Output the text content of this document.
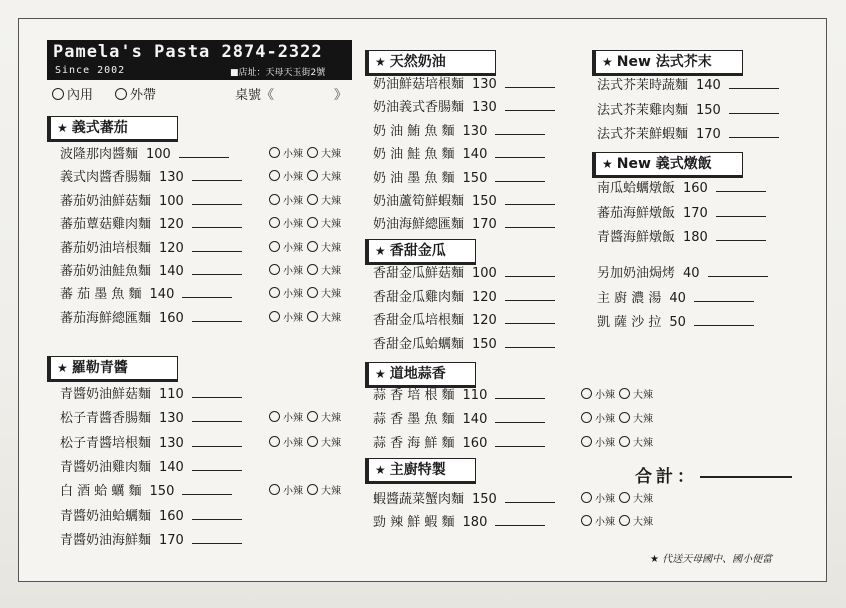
Pamela's Pasta 2874-2322
Since 2002	■店址：天母天玉街2號
內用	外帶	桌號《	》
★ 義式蕃茄
波隆那肉醬麵 100	小辣 大辣
義式肉醬香腸麵 130	小辣 大辣
蕃茄奶油鮮菇麵 100	小辣 大辣
蕃茄蕈菇雞肉麵 120	小辣 大辣
蕃茄奶油培根麵 120	小辣 大辣
蕃茄奶油鮭魚麵 140	小辣 大辣
蕃 茄 墨 魚 麵 140	小辣 大辣
蕃茄海鮮總匯麵 160	小辣 大辣
★ 羅勒青醬
青醬奶油鮮菇麵 110
松子青醬香腸麵 130	小辣 大辣
松子青醬培根麵 130	小辣 大辣
青醬奶油雞肉麵 140
白 酒 蛤 蠣 麵 150	小辣 大辣
青醬奶油蛤蠣麵 160
青醬奶油海鮮麵 170
★ 天然奶油
奶油鮮菇培根麵 130
奶油義式香腸麵 130
奶 油 鮪 魚 麵 130
奶 油 鮭 魚 麵 140
奶 油 墨 魚 麵 150
奶油蘆筍鮮蝦麵 150
奶油海鮮總匯麵 170
★ 香甜金瓜
香甜金瓜鮮菇麵 100
香甜金瓜雞肉麵 120
香甜金瓜培根麵 120
香甜金瓜蛤蠣麵 150
★ 道地蒜香
蒜 香 培 根 麵 110	小辣 大辣
蒜 香 墨 魚 麵 140	小辣 大辣
蒜 香 海 鮮 麵 160	小辣 大辣
★ 主廚特製
蝦醬蔬菜蟹肉麵 150	小辣 大辣
勁 辣 鮮 蝦 麵 180	小辣 大辣
★ New 法式芥末
法式芥茉時蔬麵 140
法式芥茉雞肉麵 150
法式芥茉鮮蝦麵 170
★ New 義式燉飯
南瓜蛤蠣燉飯 160
蕃茄海鮮燉飯 170
青醬海鮮燉飯 180
另加奶油焗烤 40
主 廚 濃 湯 40
凱 薩 沙 拉 50
合計：
★ 代送天母國中、國小便當
